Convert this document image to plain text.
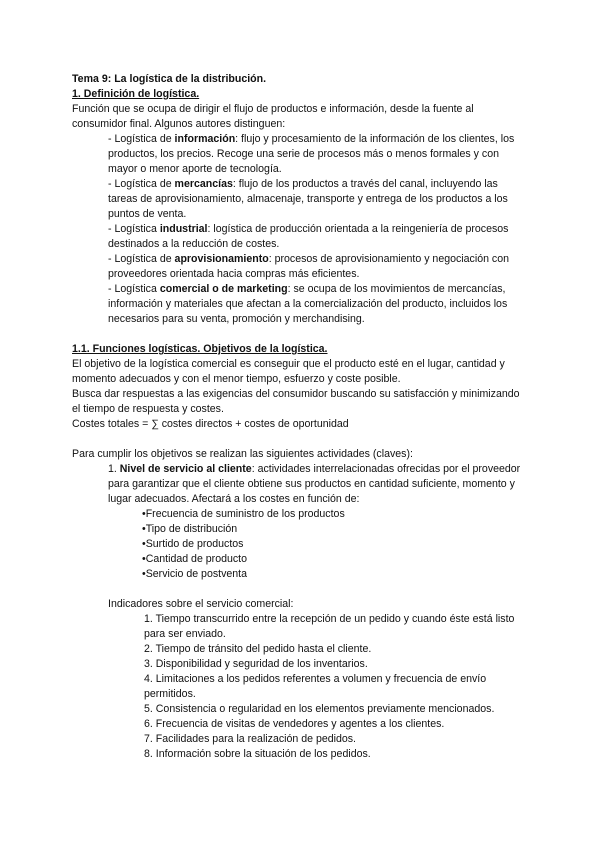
Tema 9: La logística de la distribución.

1. Definición de logística.

Función que se ocupa de dirigir el flujo de productos e información, desde la fuente al consumidor final. Algunos autores distinguen:

- Logística de información: flujo y procesamiento de la información de los clientes, los productos, los precios. Recoge una serie de procesos más o menos formales y con mayor o menor aporte de tecnología.

- Logística de mercancías: flujo de los productos a través del canal, incluyendo las tareas de aprovisionamiento, almacenaje, transporte y entrega de los productos a los puntos de venta.

- Logística industrial: logística de producción orientada a la reingeniería de procesos destinados a la reducción de costes.

- Logística de aprovisionamiento: procesos de aprovisionamiento y negociación con proveedores orientada hacia compras más eficientes.

- Logística comercial o de marketing: se ocupa de los movimientos de mercancías, información y materiales que afectan a la comercialización del producto, incluidos los necesarios para su venta, promoción y merchandising.

1.1. Funciones logísticas. Objetivos de la logística.

El objetivo de la logística comercial es conseguir que el producto esté en el lugar, cantidad y momento adecuados y con el menor tiempo, esfuerzo y coste posible.

Busca dar respuestas a las exigencias del consumidor buscando su satisfacción y minimizando el tiempo de respuesta y costes.

Costes totales = ∑ costes directos + costes de oportunidad

Para cumplir los objetivos se realizan las siguientes actividades (claves):

1. Nivel de servicio al cliente: actividades interrelacionadas ofrecidas por el proveedor para garantizar que el cliente obtiene sus productos en cantidad suficiente, momento y lugar adecuados. Afectará a los costes en función de:

•Frecuencia de suministro de los productos

•Tipo de distribución

•Surtido de productos

•Cantidad de producto

•Servicio de postventa

Indicadores sobre el servicio comercial:

1. Tiempo transcurrido entre la recepción de un pedido y cuando éste está listo para ser enviado.

2. Tiempo de tránsito del pedido hasta el cliente.

3. Disponibilidad y seguridad de los inventarios.

4. Limitaciones a los pedidos referentes a volumen y frecuencia de envío permitidos.

5. Consistencia o regularidad en los elementos previamente mencionados.

6. Frecuencia de visitas de vendedores y agentes a los clientes.

7. Facilidades para la realización de pedidos.

8. Información sobre la situación de los pedidos.
